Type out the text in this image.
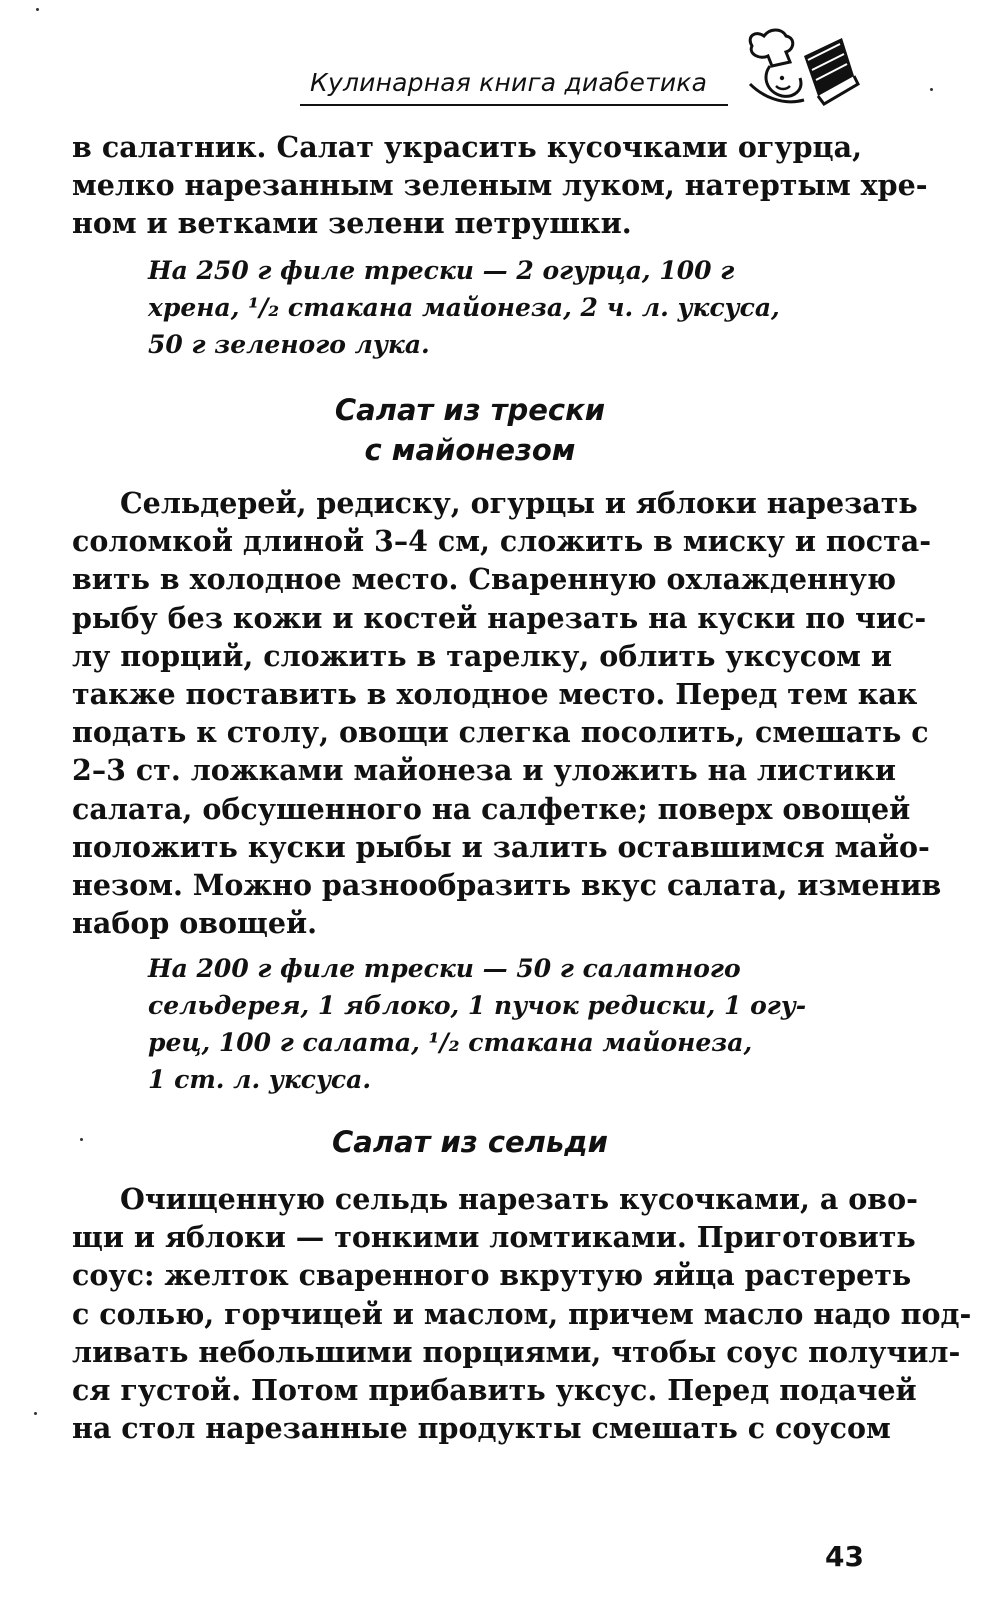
Кулинарная книга диабетика
в салатник. Салат украсить кусочками огурца,
мелко нарезанным зеленым луком, натертым хре-
ном и ветками зелени петрушки.
На 250 г филе трески — 2 огурца, 100 г
хрена, ¹/₂ стакана майонеза, 2 ч. л. уксуса,
50 г зеленого лука.
Салат из трески
с майонезом
Сельдерей, редиску, огурцы и яблоки нарезать
соломкой длиной 3–4 см, сложить в миску и поста-
вить в холодное место. Сваренную охлажденную
рыбу без кожи и костей нарезать на куски по чис-
лу порций, сложить в тарелку, облить уксусом и
также поставить в холодное место. Перед тем как
подать к столу, овощи слегка посолить, смешать с
2–3 ст. ложками майонеза и уложить на листики
салата, обсушенного на салфетке; поверх овощей
положить куски рыбы и залить оставшимся майо-
незом. Можно разнообразить вкус салата, изменив
набор овощей.
На 200 г филе трески — 50 г салатного
сельдерея, 1 яблоко, 1 пучок редиски, 1 огу-
рец, 100 г салата, ¹/₂ стакана майонеза,
1 ст. л. уксуса.
Салат из сельди
Очищенную сельдь нарезать кусочками, а ово-
щи и яблоки — тонкими ломтиками. Приготовить
соус: желток сваренного вкрутую яйца растереть
с солью, горчицей и маслом, причем масло надо под-
ливать небольшими порциями, чтобы соус получил-
ся густой. Потом прибавить уксус. Перед подачей
на стол нарезанные продукты смешать с соусом
43
